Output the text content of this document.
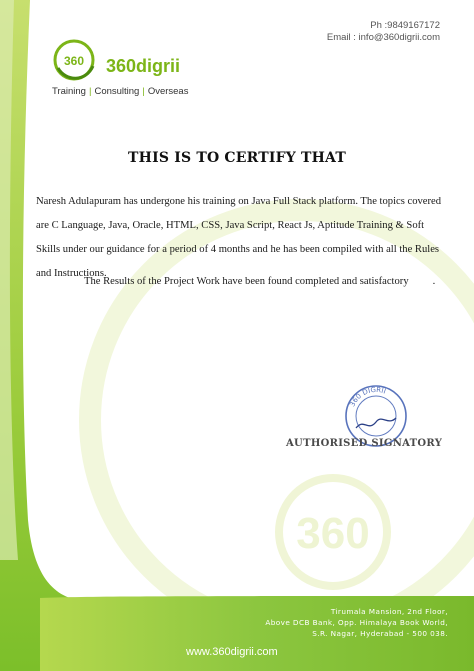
Ph :9849167172
Email : info@360digrii.com
360 360digrii
Training | Consulting | Overseas
THIS IS TO CERTIFY THAT
Naresh Adulapuram has undergone his training on Java Full Stack platform. The topics covered are C Language, Java, Oracle, HTML, CSS, Java Script, React Js, Aptitude Training & Soft Skills under our guidance for a period of 4 months and he has been compiled with all the Rules and Instructions.
The Results of the Project Work have been found completed and satisfactory .
360 DIGRII
AUTHORISED SIGNATORY
360
Tirumala Mansion, 2nd Floor,
Above DCB Bank, Opp. Himalaya Book World,
S.R. Nagar, Hyderabad - 500 038.
www.360digrii.com
